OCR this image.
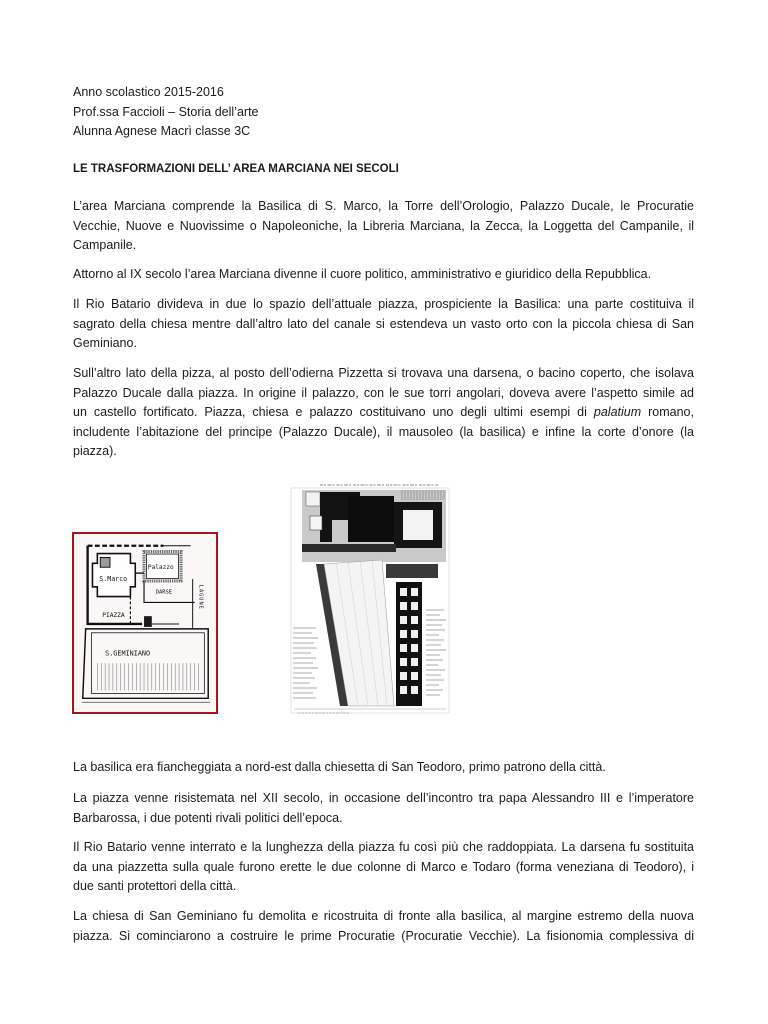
Anno scolastico 2015-2016
Prof.ssa Faccioli – Storia dell’arte
Alunna Agnese Macrì classe 3C
LE TRASFORMAZIONI DELL’ AREA MARCIANA NEI SECOLI
L’area Marciana comprende la Basilica di S. Marco, la Torre dell’Orologio, Palazzo Ducale, le Procuratie
Vecchie, Nuove e Nuovissime o Napoleoniche, la Libreria Marciana, la Zecca, la Loggetta del Campanile, il
Campanile.
Attorno al IX secolo l’area Marciana divenne il cuore politico, amministrativo e giuridico della Repubblica.
Il Rio Batario divideva in due lo spazio dell’attuale piazza, prospiciente la Basilica: una parte costituiva il
sagrato della chiesa mentre dall’altro lato del canale si estendeva un vasto orto con la piccola chiesa di San
Geminiano.
Sull’altro lato della pizza, al posto dell’odierna Pizzetta si trovava una darsena, o bacino coperto, che isolava
Palazzo Ducale dalla piazza. In origine il palazzo, con le sue torri angolari, doveva avere l’aspetto simile ad
un castello fortificato. Piazza, chiesa e palazzo costituivano uno degli ultimi esempi di palatium romano,
includente l’abitazione del principe (Palazzo Ducale), il mausoleo (la basilica) e infine la corte d’onore (la
piazza).
S.Marco
Palazzo
DARSE	LAGUNE
PIAZZA
S.GEMINIANO
La basilica era fiancheggiata a nord-est dalla chiesetta di San Teodoro, primo patrono della città.
La piazza venne risistemata nel XII secolo, in occasione dell’incontro tra papa Alessandro III e l’imperatore
Barbarossa, i due potenti rivali politici dell’epoca.
Il Rio Batario venne interrato e la lunghezza della piazza fu così più che raddoppiata. La darsena fu sostituita
da una piazzetta sulla quale furono erette le due colonne di Marco e Todaro (forma veneziana di Teodoro), i
due santi protettori della città.
La chiesa di San Geminiano fu demolita e ricostruita di fronte alla basilica, al margine estremo della nuova
piazza. Si cominciarono a costruire le prime Procuratie (Procuratie Vecchie). La fisionomia complessiva di
